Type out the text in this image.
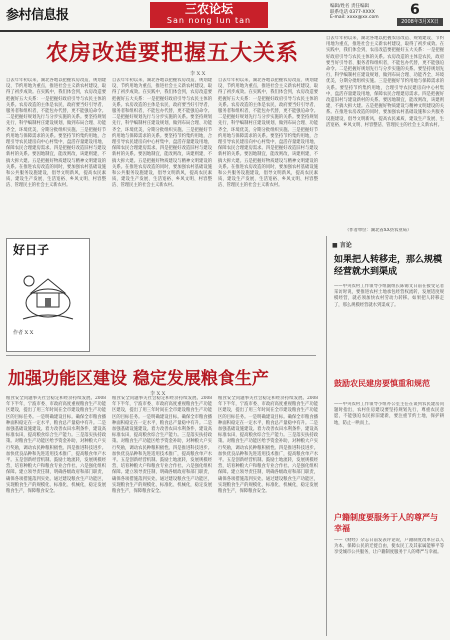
参村信息报	三农论坛
San nong lun tan
编辑/姓名 责任编辑
联系电话 0377-XXXX
E-mail: xxxx@xx.com	6
2008年3月XX日
农房改造要把握五大关系
李 X X
自去年年初以来，湖北各地以把握农房改造、规划建设、节约用地为重点，推进社会主义新农村建设，取得了初步成效。在实践中，我们体会到，农房改造要把握好五大关系：一是把握好政府引导与农民主体的关系。农房改造的主体是农民，政府要当好引导者、服务者和组织者，不能包办代替，更不能强迫命令。二是把握好规划先行与分步实施的关系。要坚持规划先行，科学编制村庄建设规划，做到布局合理、功能齐全、环境优美，分期分批组织实施。三是把握好节约用地与保障需求的关系。要坚持节约集约用地，合理引导农民建房向中心村集中，盘活存量建设用地，保障农民合理建房需求。四是把握好改造旧村与建设新村的关系。要因地制宜，能改则改，该建则建，不搞大拆大建。五是把握好物质建设与精神文明建设的关系。在推进农房改造的同时，要加强农村基础设施和公共服务设施建设，倡导文明新风，提高农民素质，建设生产发展、生活宽裕、乡风文明、村容整洁、管理民主的社会主义新农村。
自去年年初以来，湖北各地以把握农房改造、规划建设、节约用地为重点，推进社会主义新农村建设，取得了初步成效。在实践中，我们体会到，农房改造要把握好五大关系：一是把握好政府引导与农民主体的关系。农房改造的主体是农民，政府要当好引导者、服务者和组织者，不能包办代替，更不能强迫命令。二是把握好规划先行与分步实施的关系。要坚持规划先行，科学编制村庄建设规划，做到布局合理、功能齐全、环境优美，分期分批组织实施。三是把握好节约用地与保障需求的关系。要坚持节约集约用地，合理引导农民建房向中心村集中，盘活存量建设用地，保障农民合理建房需求。四是把握好改造旧村与建设新村的关系。要因地制宜，能改则改，该建则建，不搞大拆大建。五是把握好物质建设与精神文明建设的关系。在推进农房改造的同时，要加强农村基础设施和公共服务设施建设，倡导文明新风，提高农民素质，建设生产发展、生活宽裕、乡风文明、村容整洁、管理民主的社会主义新农村。
自去年年初以来，湖北各地以把握农房改造、规划建设、节约用地为重点，推进社会主义新农村建设，取得了初步成效。在实践中，我们体会到，农房改造要把握好五大关系：一是把握好政府引导与农民主体的关系。农房改造的主体是农民，政府要当好引导者、服务者和组织者，不能包办代替，更不能强迫命令。二是把握好规划先行与分步实施的关系。要坚持规划先行，科学编制村庄建设规划，做到布局合理、功能齐全、环境优美，分期分批组织实施。三是把握好节约用地与保障需求的关系。要坚持节约集约用地，合理引导农民建房向中心村集中，盘活存量建设用地，保障农民合理建房需求。四是把握好改造旧村与建设新村的关系。要因地制宜，能改则改，该建则建，不搞大拆大建。五是把握好物质建设与精神文明建设的关系。在推进农房改造的同时，要加强农村基础设施和公共服务设施建设，倡导文明新风，提高农民素质，建设生产发展、生活宽裕、乡风文明、村容整洁、管理民主的社会主义新农村。
自去年年初以来，湖北各地以把握农房改造、规划建设、节约用地为重点，推进社会主义新农村建设，取得了初步成效。在实践中，我们体会到，农房改造要把握好五大关系：一是把握好政府引导与农民主体的关系。农房改造的主体是农民，政府要当好引导者、服务者和组织者，不能包办代替，更不能强迫命令。二是把握好规划先行与分步实施的关系。要坚持规划先行，科学编制村庄建设规划，做到布局合理、功能齐全、环境优美，分期分批组织实施。三是把握好节约用地与保障需求的关系。要坚持节约集约用地，合理引导农民建房向中心村集中，盘活存量建设用地，保障农民合理建房需求。四是把握好改造旧村与建设新村的关系。要因地制宜，能改则改，该建则建，不搞大拆大建。五是把握好物质建设与精神文明建设的关系。在推进农房改造的同时，要加强农村基础设施和公共服务设施建设，倡导文明新风，提高农民素质，建设生产发展、生活宽裕、乡风文明、村容整洁、管理民主的社会主义新农村。
（作者单位：湖北省XX县农业局）
好日子
作者 X X
加强功能区建设 稳定发展粮食生产
李 X X
粮食安全问题事关社会稳定和经济持续发展。2008年下半年，宁波市委、市政府高度重视粮食生产功能区建设，提出了用三年时间在全市建设粮食生产功能区的目标任务。一是明确建设目标。确保全市粮食播种面积稳定在一定水平，粮食总产量稳中有升。二是加强基础设施建设。着力改善农田水利条件，建设高标准农田，提高粮食综合生产能力。三是落实扶持政策。对粮食生产功能区给予资金补助，对种粮大户实行奖励，调动农民种粮积极性。四是推进科技进步。加快优良品种和先进适用技术推广，提高粮食单产水平。五是创新经营机制。鼓励土地流转，发展规模经营，培育种粮大户和粮食专业合作社。六是强化组织保障。建立领导责任制，明确各级政府和部门职责，确保各项措施落到实处。通过建设粮食生产功能区，实现粮食生产的规模化、标准化、机械化，稳定发展粮食生产，保障粮食安全。
粮食安全问题事关社会稳定和经济持续发展。2008年下半年，宁波市委、市政府高度重视粮食生产功能区建设，提出了用三年时间在全市建设粮食生产功能区的目标任务。一是明确建设目标。确保全市粮食播种面积稳定在一定水平，粮食总产量稳中有升。二是加强基础设施建设。着力改善农田水利条件，建设高标准农田，提高粮食综合生产能力。三是落实扶持政策。对粮食生产功能区给予资金补助，对种粮大户实行奖励，调动农民种粮积极性。四是推进科技进步。加快优良品种和先进适用技术推广，提高粮食单产水平。五是创新经营机制。鼓励土地流转，发展规模经营，培育种粮大户和粮食专业合作社。六是强化组织保障。建立领导责任制，明确各级政府和部门职责，确保各项措施落到实处。通过建设粮食生产功能区，实现粮食生产的规模化、标准化、机械化，稳定发展粮食生产，保障粮食安全。
粮食安全问题事关社会稳定和经济持续发展。2008年下半年，宁波市委、市政府高度重视粮食生产功能区建设，提出了用三年时间在全市建设粮食生产功能区的目标任务。一是明确建设目标。确保全市粮食播种面积稳定在一定水平，粮食总产量稳中有升。二是加强基础设施建设。着力改善农田水利条件，建设高标准农田，提高粮食综合生产能力。三是落实扶持政策。对粮食生产功能区给予资金补助，对种粮大户实行奖励，调动农民种粮积极性。四是推进科技进步。加快优良品种和先进适用技术推广，提高粮食单产水平。五是创新经营机制。鼓励土地流转，发展规模经营，培育种粮大户和粮食专业合作社。六是强化组织保障。建立领导责任制，明确各级政府和部门职责，确保各项措施落到实处。通过建设粮食生产功能区，实现粮食生产的规模化、标准化、机械化，稳定发展粮食生产，保障粮食安全。
■ 言论
如果把人转移走，那么规模经营就水到渠成
——中央农村工作领导小组副组长陈锡文日前在接受记者采访时说，要推进农村土地承包经营权流转，发展适度规模经营，就必须加快农村劳动力转移。如果把人转移走了，那么规模经营就水到渠成了。
鼓励农民建房要慎重和规范
——中央农村工作领导小组办公室主任在谈到农民建房问题时指出，农村住房建设要坚持规划先行，尊重农民意愿，不能强迫农民拆旧建新，要注重节约土地，保护耕地，防止一哄而上。
户籍制度要服务于人的尊严与幸福
——《财经》杂志日前发表评论说，户籍制度改革应以人为本，保障公民的迁徙自由，使农民工及其家属能够平等享受城市公共服务，让户籍制度服务于人的尊严与幸福。
